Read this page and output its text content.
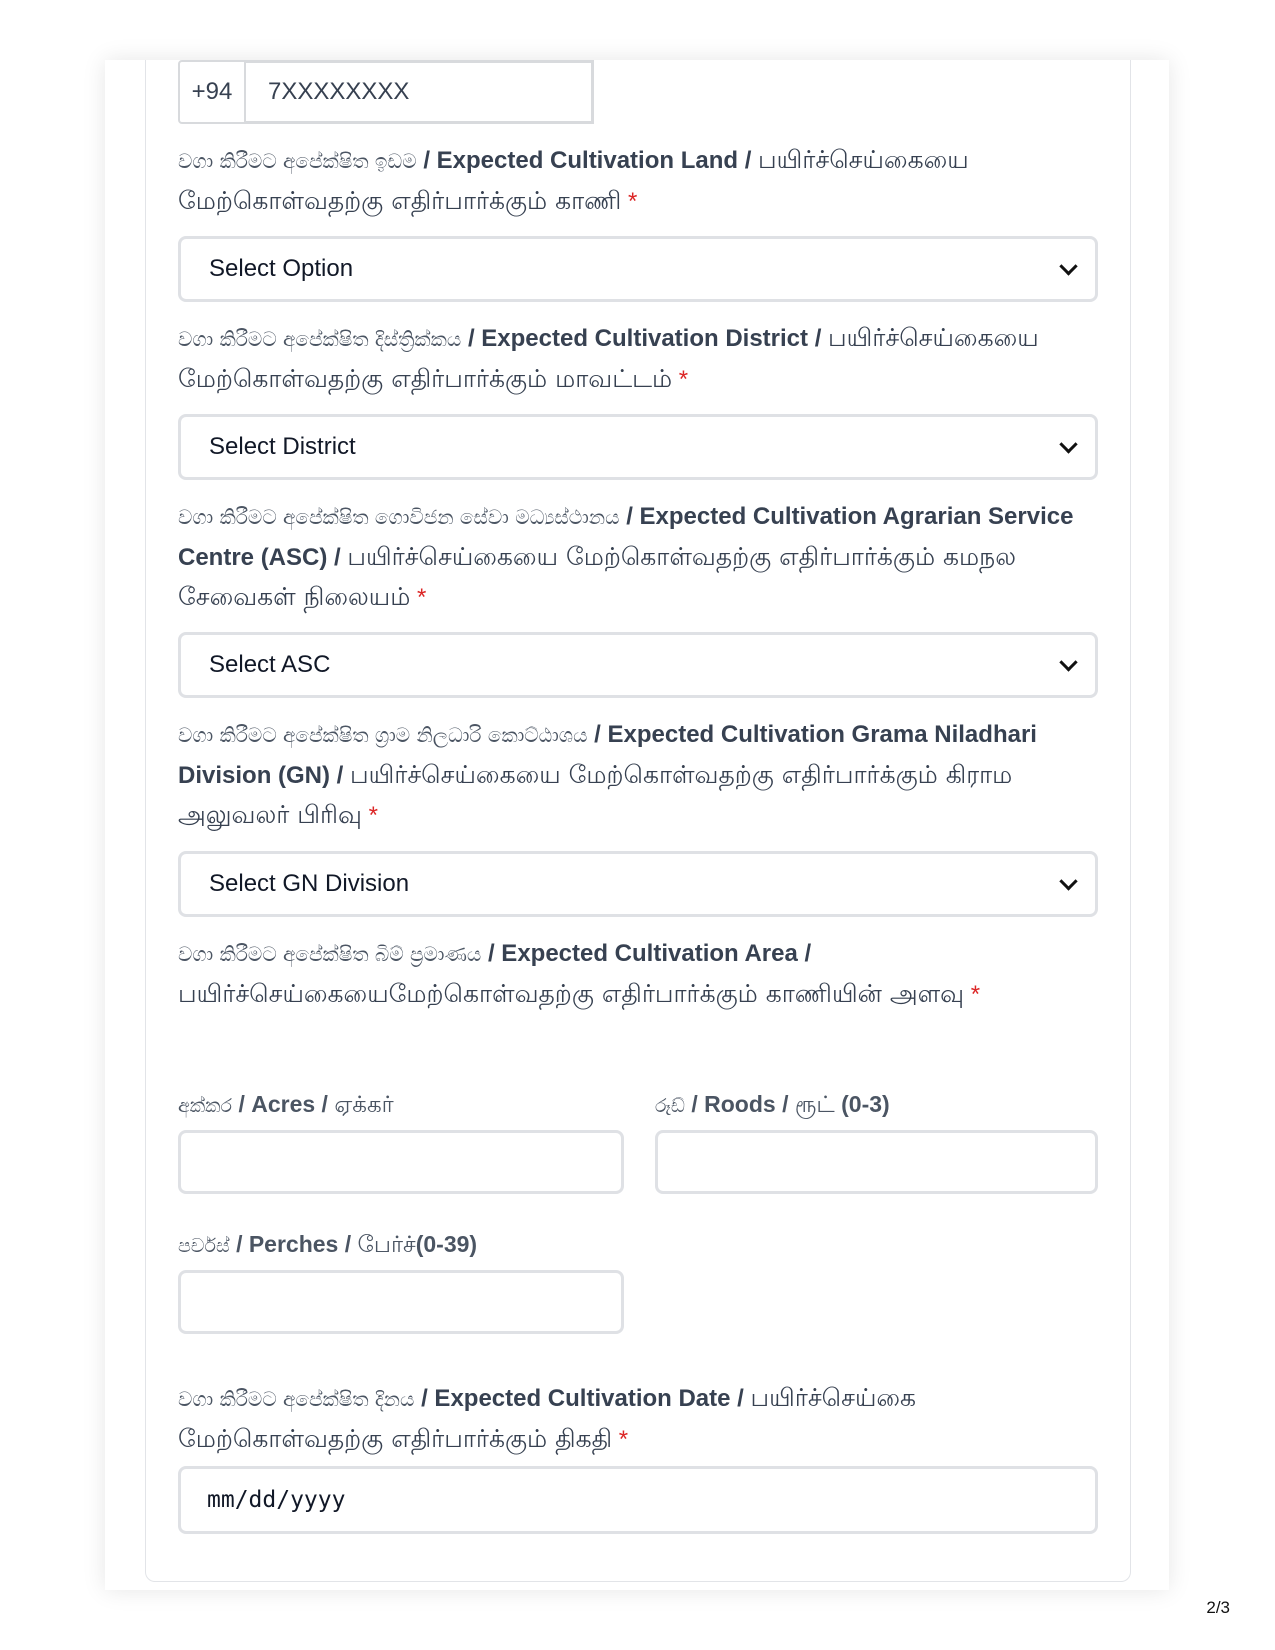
+94	7XXXXXXXX
වගා කිරීමට අපේක්ෂිත ඉඩම / Expected Cultivation Land / பயிர்ச்செய்கையை மேற்கொள்வதற்கு எதிர்பார்க்கும் காணி *
Select Option
වගා කිරීමට අපේක්ෂිත දිස්ත්‍රික්කය / Expected Cultivation District / பயிர்ச்செய்கையை மேற்கொள்வதற்கு எதிர்பார்க்கும் மாவட்டம் *
Select District
වගා කිරීමට අපේක්ෂිත ගොවිජන සේවා මධ්‍යස්ථානය / Expected Cultivation Agrarian Service Centre (ASC) / பயிர்ச்செய்கையை மேற்கொள்வதற்கு எதிர்பார்க்கும் கமநல சேவைகள் நிலையம் *
Select ASC
වගා කිරීමට අපේක්ෂිත ග්‍රාම නිලධාරි කොට්ඨාශය / Expected Cultivation Grama Niladhari Division (GN) / பயிர்ச்செய்கையை மேற்கொள்வதற்கு எதிர்பார்க்கும் கிராம அலுவலர் பிரிவு *
Select GN Division
වගා කිරීමට අපේක්ෂිත බිම් ප්‍රමාණය / Expected Cultivation Area / பயிர்ச்செய்கையைமேற்கொள்வதற்கு எதிர்பார்க்கும் காணியின் அளவு *
අක්කර / Acres / ஏக்கர்	රූඩ් / Roods / ரூட் (0-3)
පර්චස් / Perches / பேர்ச்(0-39)
වගා කිරීමට අපේක්ෂිත දිනය / Expected Cultivation Date / பயிர்ச்செய்கை மேற்கொள்வதற்கு எதிர்பார்க்கும் திகதி *
mm/dd/yyyy
2/3
